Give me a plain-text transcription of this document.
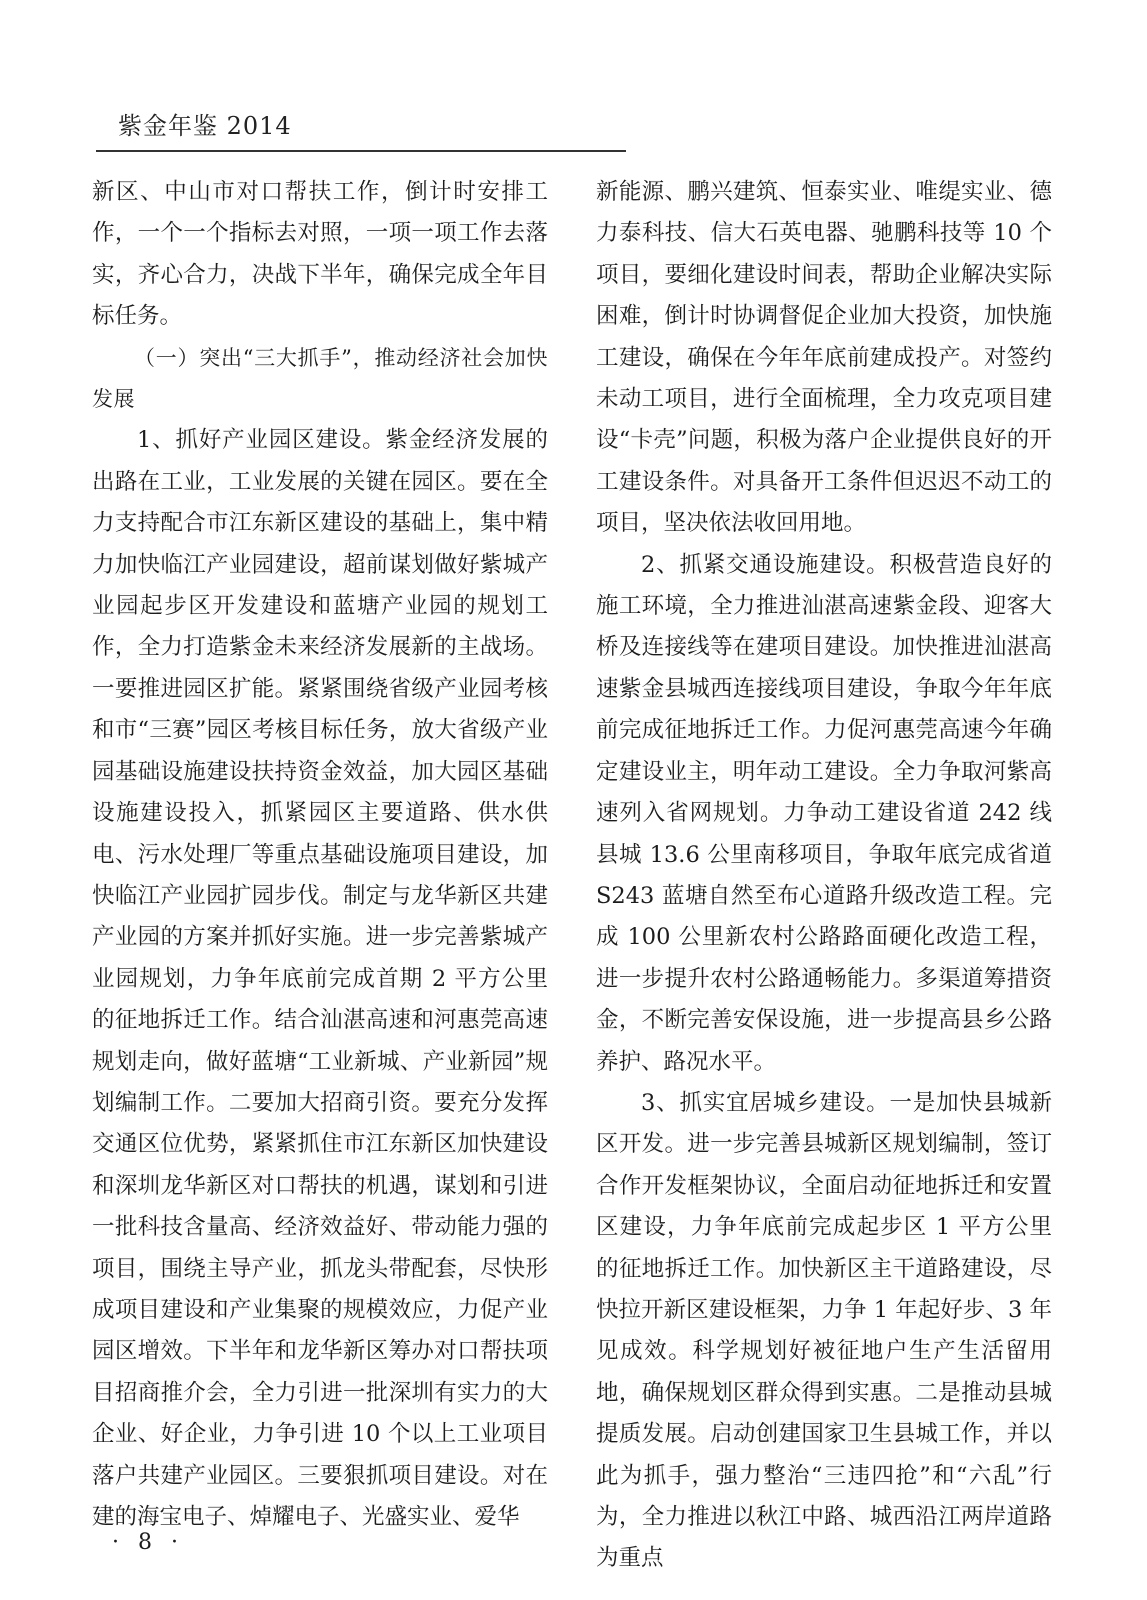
紫金年鉴 2014

新区、中山市对口帮扶工作，倒计时安排工作，一个一个指标去对照，一项一项工作去落实，齐心合力，决战下半年，确保完成全年目标任务。

（一）突出“三大抓手”，推动经济社会加快发展

1、抓好产业园区建设。紫金经济发展的出路在工业，工业发展的关键在园区。要在全力支持配合市江东新区建设的基础上，集中精力加快临江产业园建设，超前谋划做好紫城产业园起步区开发建设和蓝塘产业园的规划工作，全力打造紫金未来经济发展新的主战场。一要推进园区扩能。紧紧围绕省级产业园考核和市“三赛”园区考核目标任务，放大省级产业园基础设施建设扶持资金效益，加大园区基础设施建设投入，抓紧园区主要道路、供水供电、污水处理厂等重点基础设施项目建设，加快临江产业园扩园步伐。制定与龙华新区共建产业园的方案并抓好实施。进一步完善紫城产业园规划，力争年底前完成首期 2 平方公里的征地拆迁工作。结合汕湛高速和河惠莞高速规划走向，做好蓝塘“工业新城、产业新园”规划编制工作。二要加大招商引资。要充分发挥交通区位优势，紧紧抓住市江东新区加快建设和深圳龙华新区对口帮扶的机遇，谋划和引进一批科技含量高、经济效益好、带动能力强的项目，围绕主导产业，抓龙头带配套，尽快形成项目建设和产业集聚的规模效应，力促产业园区增效。下半年和龙华新区筹办对口帮扶项目招商推介会，全力引进一批深圳有实力的大企业、好企业，力争引进 10 个以上工业项目落户共建产业园区。三要狠抓项目建设。对在建的海宝电子、焯耀电子、光盛实业、爱华

新能源、鹏兴建筑、恒泰实业、唯缇实业、德力泰科技、信大石英电器、驰鹏科技等 10 个项目，要细化建设时间表，帮助企业解决实际困难，倒计时协调督促企业加大投资，加快施工建设，确保在今年年底前建成投产。对签约未动工项目，进行全面梳理，全力攻克项目建设“卡壳”问题，积极为落户企业提供良好的开工建设条件。对具备开工条件但迟迟不动工的项目，坚决依法收回用地。

2、抓紧交通设施建设。积极营造良好的施工环境，全力推进汕湛高速紫金段、迎客大桥及连接线等在建项目建设。加快推进汕湛高速紫金县城西连接线项目建设，争取今年年底前完成征地拆迁工作。力促河惠莞高速今年确定建设业主，明年动工建设。全力争取河紫高速列入省网规划。力争动工建设省道 242 线县城 13.6 公里南移项目，争取年底完成省道 S243 蓝塘自然至布心道路升级改造工程。完成 100 公里新农村公路路面硬化改造工程，进一步提升农村公路通畅能力。多渠道筹措资金，不断完善安保设施，进一步提高县乡公路养护、路况水平。

3、抓实宜居城乡建设。一是加快县城新区开发。进一步完善县城新区规划编制，签订合作开发框架协议，全面启动征地拆迁和安置区建设，力争年底前完成起步区 1 平方公里的征地拆迁工作。加快新区主干道路建设，尽快拉开新区建设框架，力争 1 年起好步、3 年见成效。科学规划好被征地户生产生活留用地，确保规划区群众得到实惠。二是推动县城提质发展。启动创建国家卫生县城工作，并以此为抓手，强力整治“三违四抢”和“六乱”行为，全力推进以秋江中路、城西沿江两岸道路为重点

· 8 ·
